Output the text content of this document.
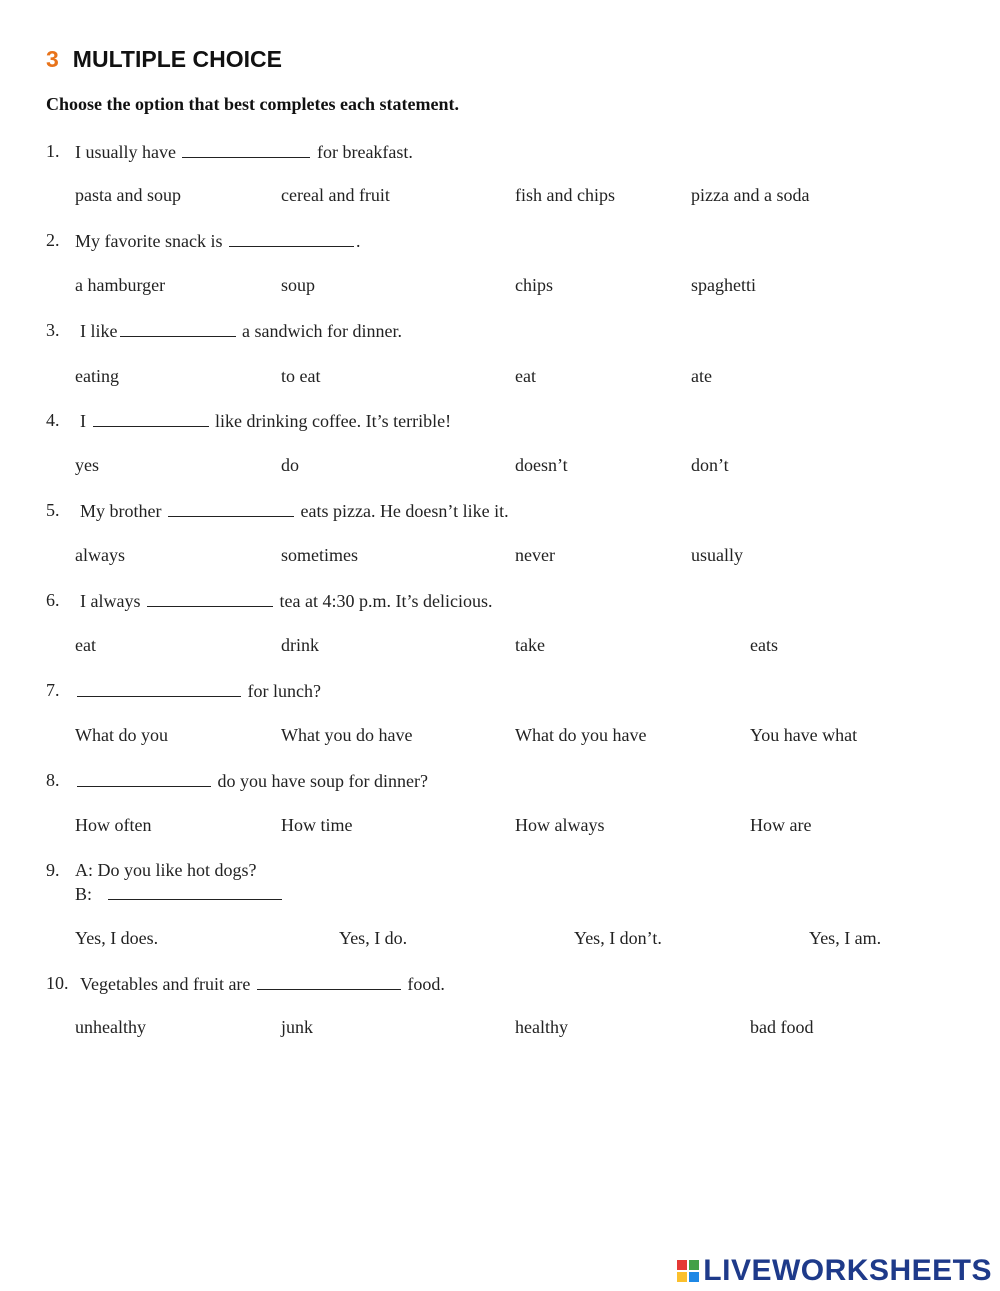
3 MULTIPLE CHOICE
Choose the option that best completes each statement.
1. I usually have	for breakfast.
pasta and soup	cereal and fruit	fish and chips	pizza and a soda
2. My favorite snack is	.
a hamburger	soup	chips	spaghetti
3. I like	a sandwich for dinner.
eating	to eat	eat	ate
4. I	like drinking coffee. It’s terrible!
yes	do	doesn’t	don’t
5. My brother	eats pizza. He doesn’t like it.
always	sometimes	never	usually
6. I always	tea at 4:30 p.m. It’s delicious.
eat	drink	take	eats
7.	for lunch?
What do you	What you do have	What do you have	You have what
8.	do you have soup for dinner?
How often	How time	How always	How are
9. A: Do you like hot dogs?
B:
Yes, I does.	Yes, I do.	Yes, I don’t.	Yes, I am.
10. Vegetables and fruit are	food.
unhealthy	junk	healthy	bad food
LIVEWORKSHEETS
